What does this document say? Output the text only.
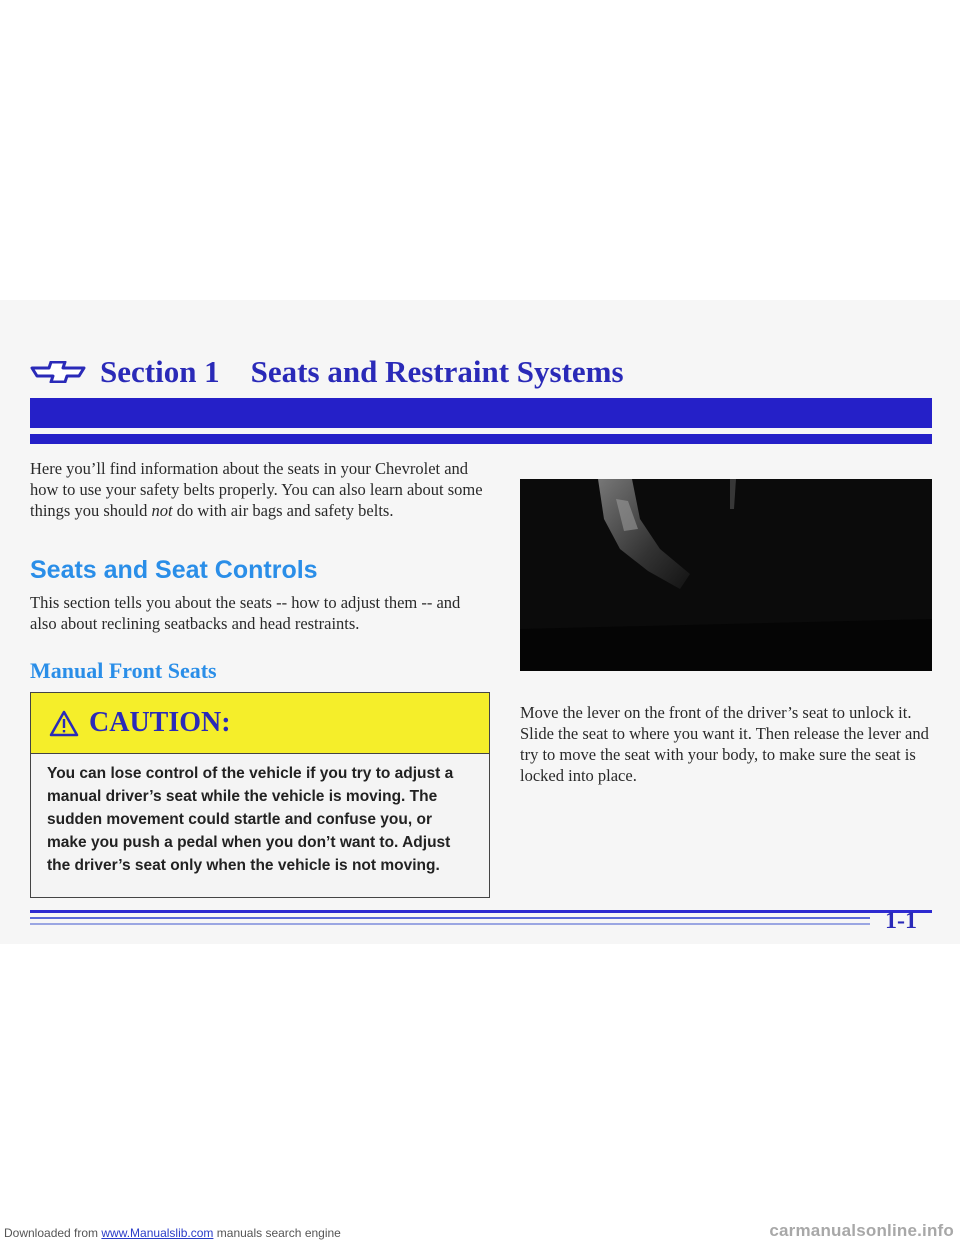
Downloaded from www.Manualslib.com manuals search engine	carmanualsonline.info
Section 1    Seats and Restraint Systems

Here you’ll find information about the seats in your Chevrolet and how to use your safety belts properly. You can also learn about some things you should not do with air bags and safety belts.

Seats and Seat Controls

This section tells you about the seats -- how to adjust them -- and also about reclining seatbacks and head restraints.

Manual Front Seats
CAUTION:

You can lose control of the vehicle if you try to adjust a manual driver’s seat while the vehicle is moving. The sudden movement could startle and confuse you, or make you push a pedal when you don’t want to. Adjust the driver’s seat only when the vehicle is not moving.

Move the lever on the front of the driver’s seat to unlock it. Slide the seat to where you want it. Then release the lever and try to move the seat with your body, to make sure the seat is locked into place.

1-1
